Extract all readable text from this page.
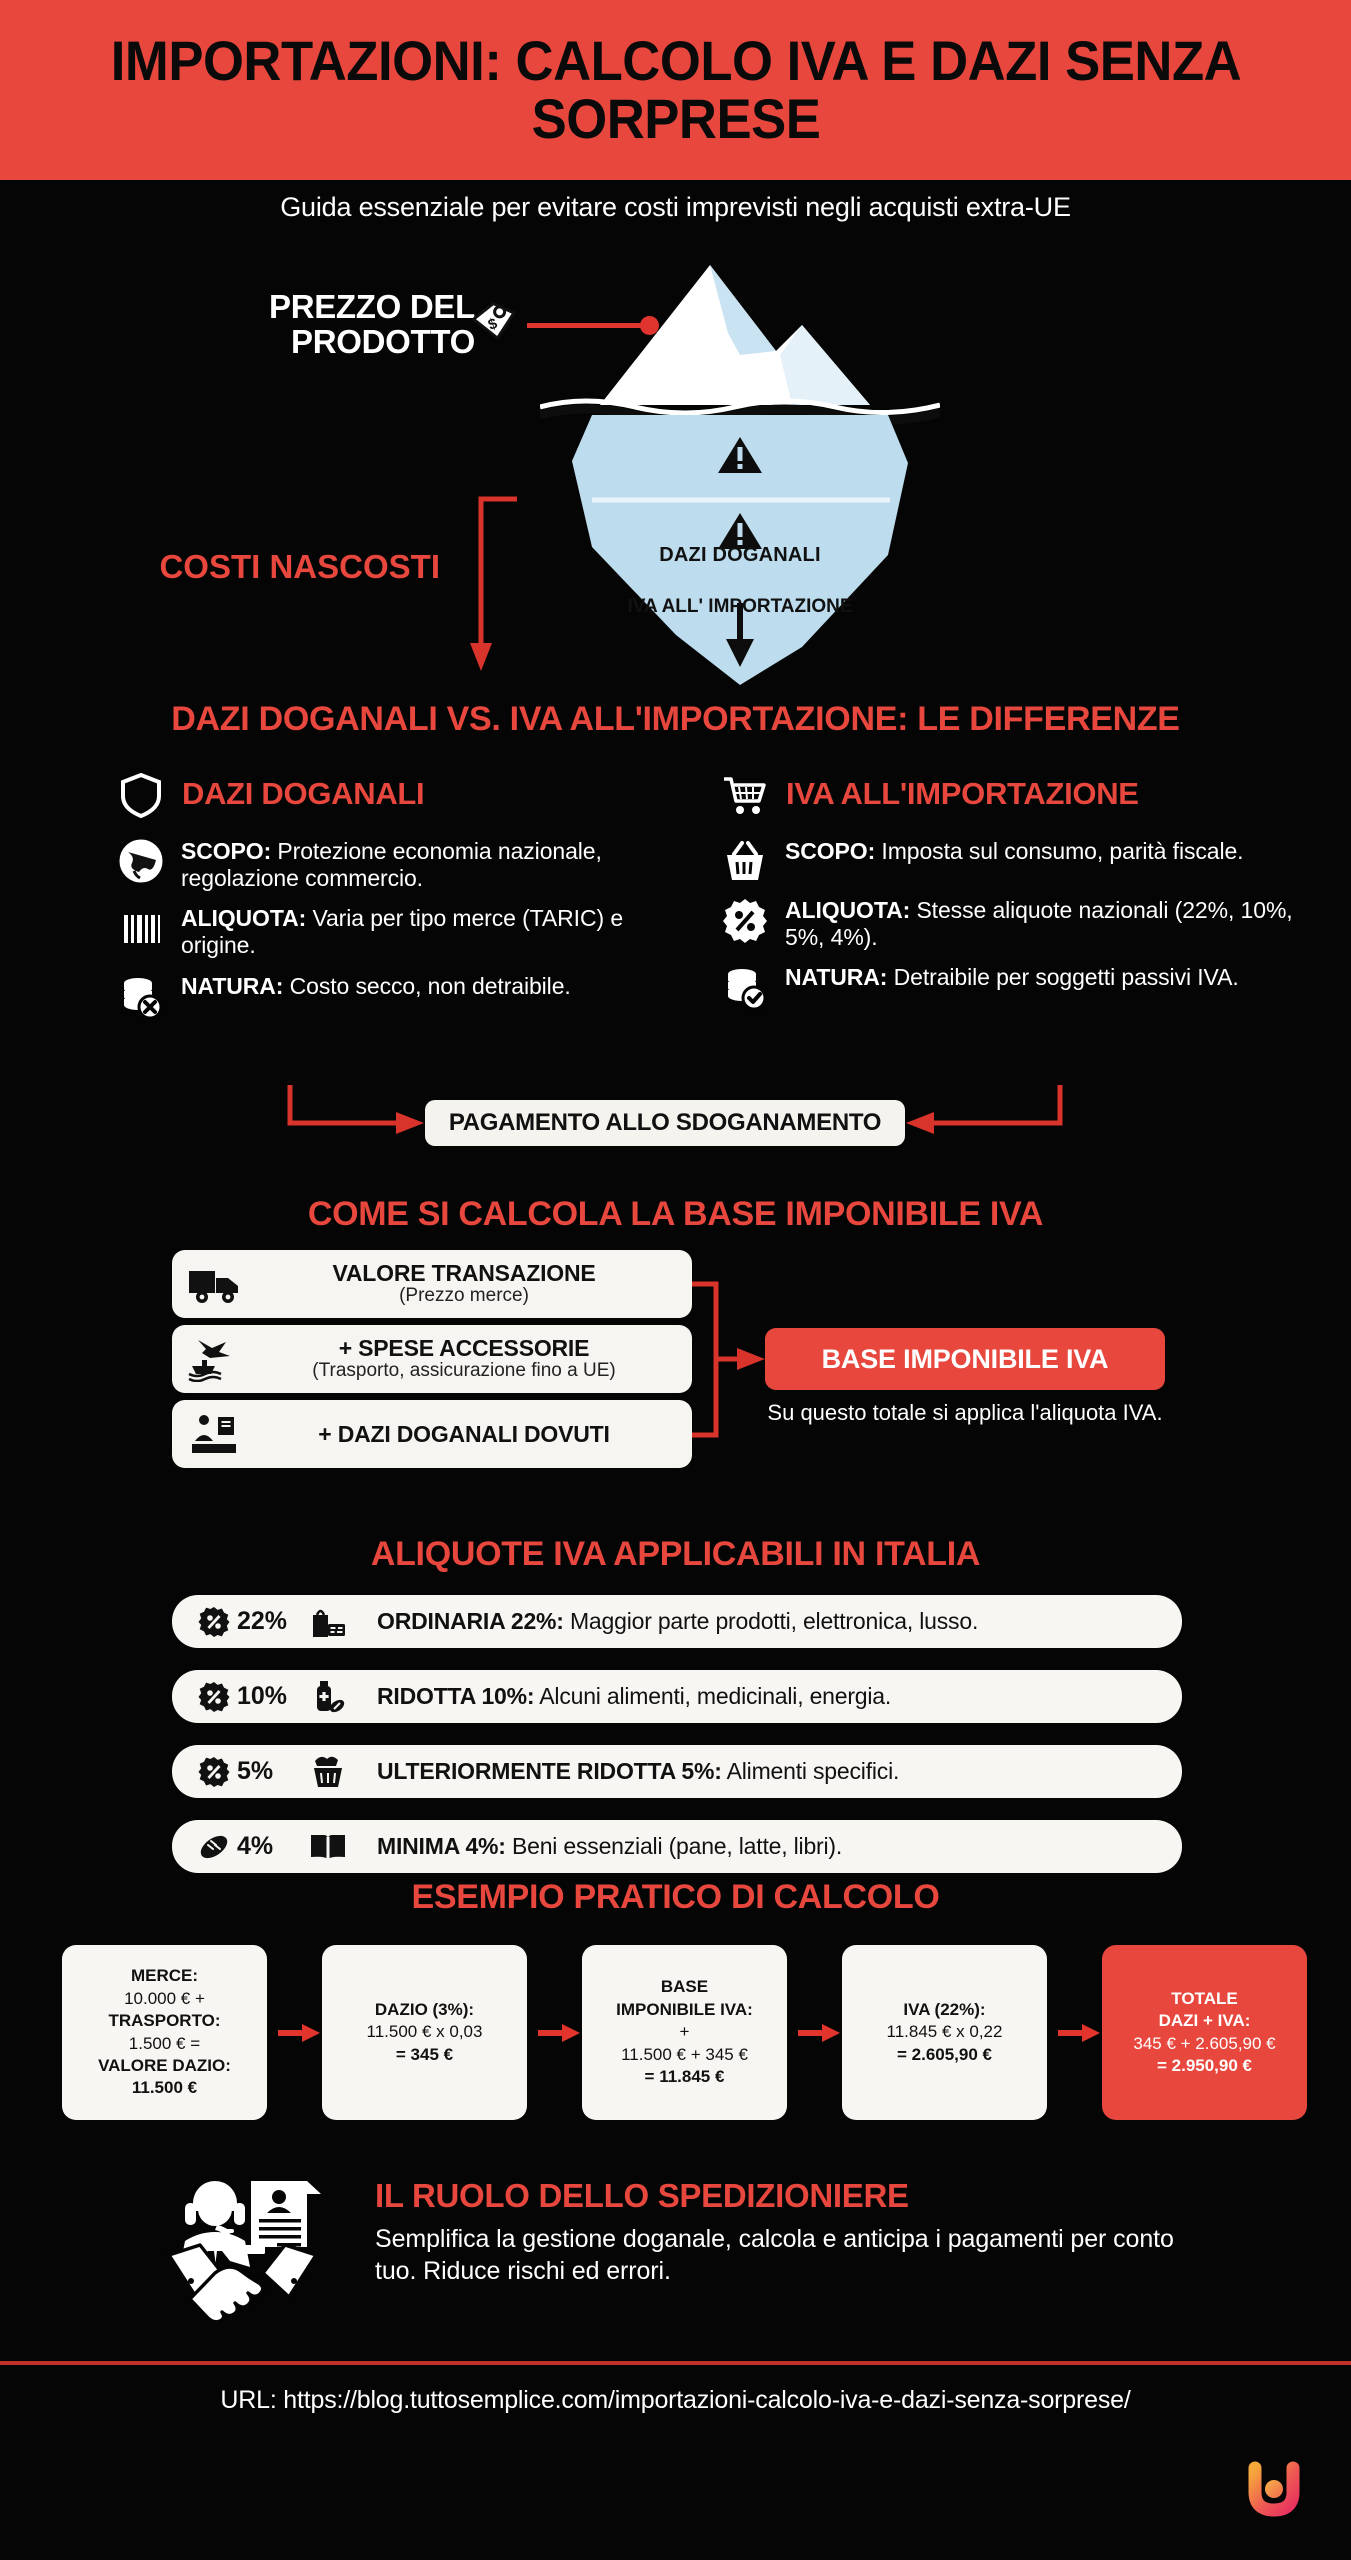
IMPORTAZIONI: CALCOLO IVA E DAZI SENZA SORPRESE
Guida essenziale per evitare costi imprevisti negli acquisti extra-UE
PREZZO DEL PRODOTTO $
COSTI NASCOSTI	DAZI DOGANALI
IVA ALL' IMPORTAZIONE
DAZI DOGANALI VS. IVA ALL'IMPORTAZIONE: LE DIFFERENZE
DAZI DOGANALI
SCOPO: Protezione economia nazionale, regolazione commercio.
ALIQUOTA: Varia per tipo merce (TARIC) e origine.
NATURA: Costo secco, non detraibile.
IVA ALL'IMPORTAZIONE
SCOPO: Imposta sul consumo, parità fiscale.
ALIQUOTA: Stesse aliquote nazionali (22%, 10%, 5%, 4%).
NATURA: Detraibile per soggetti passivi IVA.
PAGAMENTO ALLO SDOGANAMENTO
COME SI CALCOLA LA BASE IMPONIBILE IVA
VALORE TRANSAZIONE
(Prezzo merce)
+ SPESE ACCESSORIE
(Trasporto, assicurazione fino a UE)
+ DAZI DOGANALI DOVUTI
BASE IMPONIBILE IVA
Su questo totale si applica l'aliquota IVA.
ALIQUOTE IVA APPLICABILI IN ITALIA
22%	ORDINARIA 22%: Maggior parte prodotti, elettronica, lusso.
10%	RIDOTTA 10%: Alcuni alimenti, medicinali, energia.
5%	ULTERIORMENTE RIDOTTA 5%: Alimenti specifici.
4%	MINIMA 4%: Beni essenziali (pane, latte, libri).
ESEMPIO PRATICO DI CALCOLO
MERCE:
10.000 € +
TRASPORTO:
1.500 € =
VALORE DAZIO:
11.500 €
DAZIO (3%):
11.500 € x 0,03
= 345 €
BASE
IMPONIBILE IVA:
+
11.500 € + 345 €
= 11.845 €
IVA (22%):
11.845 € x 0,22
= 2.605,90 €
TOTALE
DAZI + IVA:
345 € + 2.605,90 €
= 2.950,90 €
IL RUOLO DELLO SPEDIZIONIERE
Semplifica la gestione doganale, calcola e anticipa i pagamenti per conto tuo. Riduce rischi ed errori.
URL: https://blog.tuttosemplice.com/importazioni-calcolo-iva-e-dazi-senza-sorprese/
